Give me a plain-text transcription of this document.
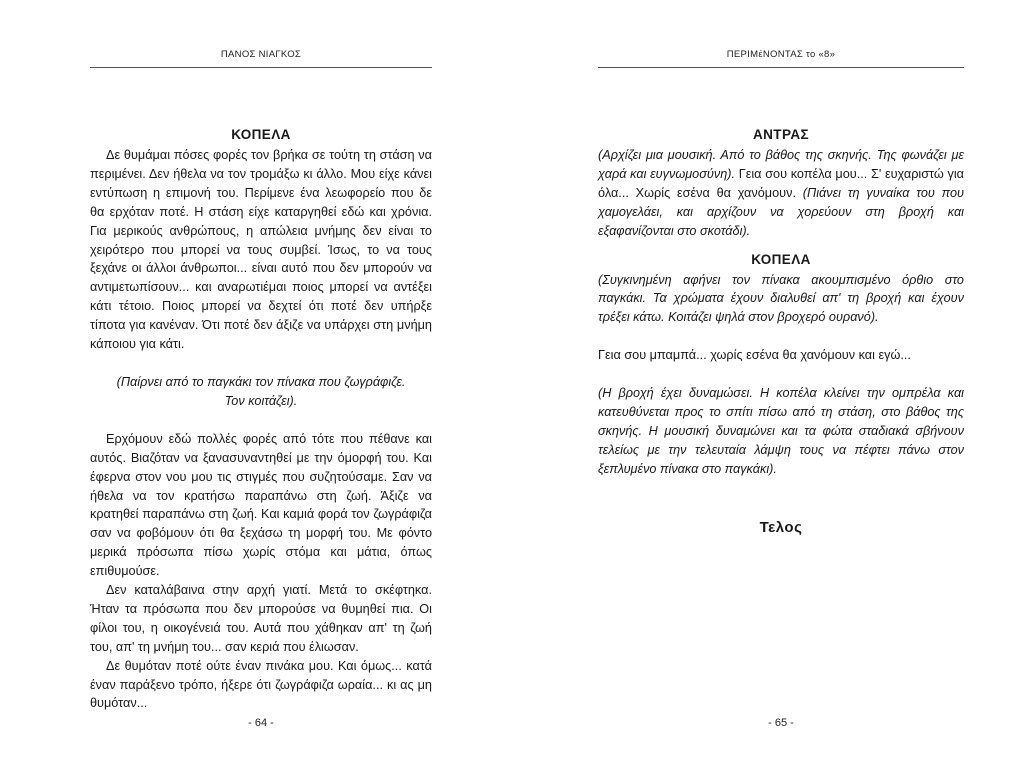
ΠΑΝΟΣ ΝΙΑΓΚΟΣ

ΚΟΠΕΛΑ

Δε θυμάμαι πόσες φορές τον βρήκα σε τούτη τη στάση να περιμένει. Δεν ήθελα να τον τρομάξω κι άλλο. Μου είχε κάνει εντύπωση η επιμονή του. Περίμενε ένα λεωφορείο που δε θα ερχόταν ποτέ. Η στάση είχε καταργηθεί εδώ και χρόνια. Για μερικούς ανθρώπους, η απώλεια μνήμης δεν είναι το χειρότερο που μπορεί να τους συμβεί. Ίσως, το να τους ξεχάνε οι άλλοι άνθρωποι... είναι αυτό που δεν μπορούν να αντιμετωπίσουν... και αναρωτιέμαι ποιος μπορεί να αντέξει κάτι τέτοιο. Ποιος μπορεί να δεχτεί ότι ποτέ δεν υπήρξε τίποτα για κανέναν. Ότι ποτέ δεν άξιζε να υπάρχει στη μνήμη κάποιου για κάτι.

(Παίρνει από το παγκάκι τον πίνακα που ζωγράφιζε.

Τον κοιτάζει).

Ερχόμουν εδώ πολλές φορές από τότε που πέθανε και αυτός. Βιαζόταν να ξανασυναντηθεί με την όμορφή του. Και έφερνα στον νου μου τις στιγμές που συζητούσαμε. Σαν να ήθελα να τον κρατήσω παραπάνω στη ζωή. Άξιζε να κρατηθεί παραπάνω στη ζωή. Και καμιά φορά τον ζωγράφιζα σαν να φοβόμουν ότι θα ξεχάσω τη μορφή του. Με φόντο μερικά πρόσωπα πίσω χωρίς στόμα και μάτια, όπως επιθυμούσε.

Δεν καταλάβαινα στην αρχή γιατί. Μετά το σκέφτηκα. Ήταν τα πρόσωπα που δεν μπορούσε να θυμηθεί πια. Οι φίλοι του, η οικογένειά του. Αυτά που χάθηκαν απ' τη ζωή του, απ' τη μνήμη του... σαν κεριά που έλιωσαν.

Δε θυμόταν ποτέ ούτε έναν πινάκα μου. Και όμως... κατά έναν παράξενο τρόπο, ήξερε ότι ζωγράφιζα ωραία... κι ας μη θυμόταν...

- 64 -
ΠΕΡΙΜέΝΟΝΤΑΣ το «8»

ΑΝΤΡΑΣ

(Αρχίζει μια μουσική. Από το βάθος της σκηνής. Της φωνάζει με χαρά και ευγνωμοσύνη). Γεια σου κοπέλα μου... Σ' ευχαριστώ για όλα... Χωρίς εσένα θα χανόμουν. (Πιάνει τη γυναίκα του που χαμογελάει, και αρχίζουν να χορεύουν στη βροχή και εξαφανίζονται στο σκοτάδι).

ΚΟΠΕΛΑ

(Συγκινημένη αφήνει τον πίνακα ακουμπισμένο όρθιο στο παγκάκι. Τα χρώματα έχουν διαλυθεί απ' τη βροχή και έχουν τρέξει κάτω. Κοιτάζει ψηλά στον βροχερό ουρανό).

Γεια σου μπαμπά... χωρίς εσένα θα χανόμουν και εγώ...

(Η βροχή έχει δυναμώσει. Η κοπέλα κλείνει την ομπρέλα και κατευθύνεται προς το σπίτι πίσω από τη στάση, στο βάθος της σκηνής. Η μουσική δυναμώνει και τα φώτα σταδιακά σβήνουν τελείως με την τελευταία λάμψη τους να πέφτει πάνω στον ξεπλυμένο πίνακα στο παγκάκι).

Τελος
- 65 -
